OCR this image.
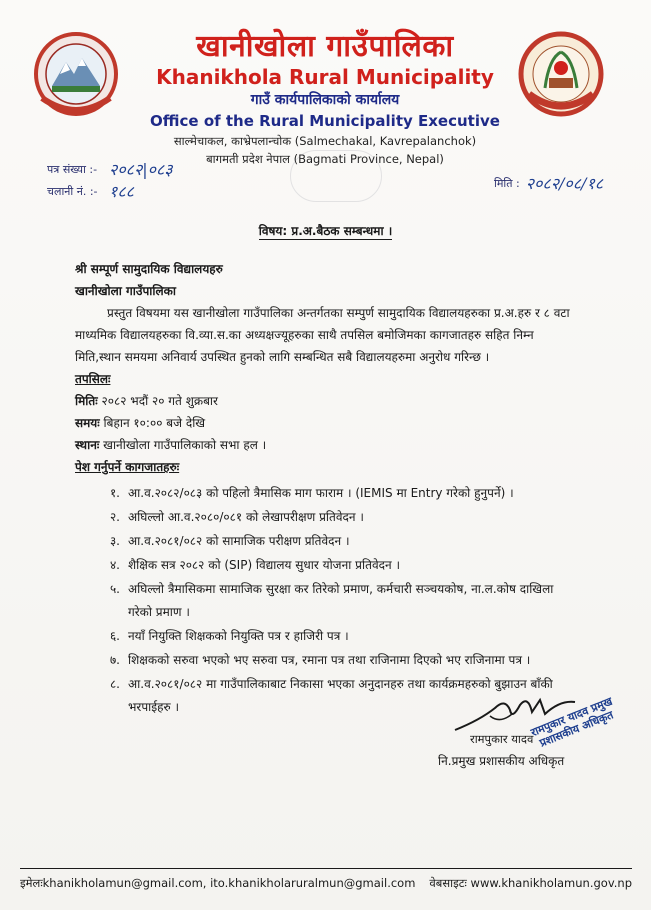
खानीखोला गाउँपालिका
Khanikhola Rural Municipality
गाउँ कार्यपालिकाको कार्यालय
Office of the Rural Municipality Executive
साल्मेचाकल, काभ्रेपलान्चोक (Salmechakal, Kavrepalanchok)
बागमती प्रदेश नेपाल (Bagmati Province, Nepal)
पत्र संख्या :- २०८२|०८३
चलानी नं. :- १८८	मिति : २०८२/०८/१८
विषय: प्र.अ.बैठक सम्बन्धमा ।

श्री सम्पूर्ण सामुदायिक विद्यालयहरु

खानीखोला गाउँपालिका

प्रस्तुत विषयमा यस खानीखोला गाउँपालिका अन्तर्गतका सम्पुर्ण सामुदायिक विद्यालयहरुका प्र.अ.हरु र ८ वटा माध्यमिक विद्यालयहरुका वि.व्या.स.का अध्यक्षज्यूहरुका साथै तपसिल बमोजिमका कागजातहरु सहित निम्न मिति,स्थान समयमा अनिवार्य उपस्थित हुनको लागि सम्बन्धित सबै विद्यालयहरुमा अनुरोध गरिन्छ ।

तपसिलः

मितिः २०८२ भदौं २० गते शुक्रबार

समयः बिहान १०:०० बजे देखि

स्थानः खानीखोला गाउँपालिकाको सभा हल ।

पेश गर्नुपर्ने कागजातहरुः

१. आ.व.२०८२/०८३ को पहिलो त्रैमासिक माग फाराम । (IEMIS मा Entry गरेको हुनुपर्ने) ।
२. अघिल्लो आ.व.२०८०/०८१ को लेखापरीक्षण प्रतिवेदन ।
३. आ.व.२०८१/०८२ को सामाजिक परीक्षण प्रतिवेदन ।
४. शैक्षिक सत्र २०८२ को (SIP) विद्यालय सुधार योजना प्रतिवेदन ।
५. अघिल्लो त्रैमासिकमा सामाजिक सुरक्षा कर तिरेको प्रमाण, कर्मचारी सञ्चयकोष, ना.ल.कोष दाखिला गरेको प्रमाण ।
६. नयाँ नियुक्ति शिक्षकको नियुक्ति पत्र र हाजिरी पत्र ।
७. शिक्षकको सरुवा भएको भए सरुवा पत्र, रमाना पत्र तथा राजिनामा दिएको भए राजिनामा पत्र ।
८. आ.व.२०८१/०८२ मा गाउँपालिकाबाट निकासा भएका अनुदानहरु तथा कार्यक्रमहरुको बुझाउन बाँकी भरपाईहरु ।	रामपुकार यादव प्रमुख प्रशासकीय अधिकृत
रामपुकार यादव
नि.प्रमुख प्रशासकीय अधिकृत
इमेलःkhanikholamun@gmail.com, ito.khanikholaruralmun@gmail.com वेबसाइटः www.khanikholamun.gov.np
